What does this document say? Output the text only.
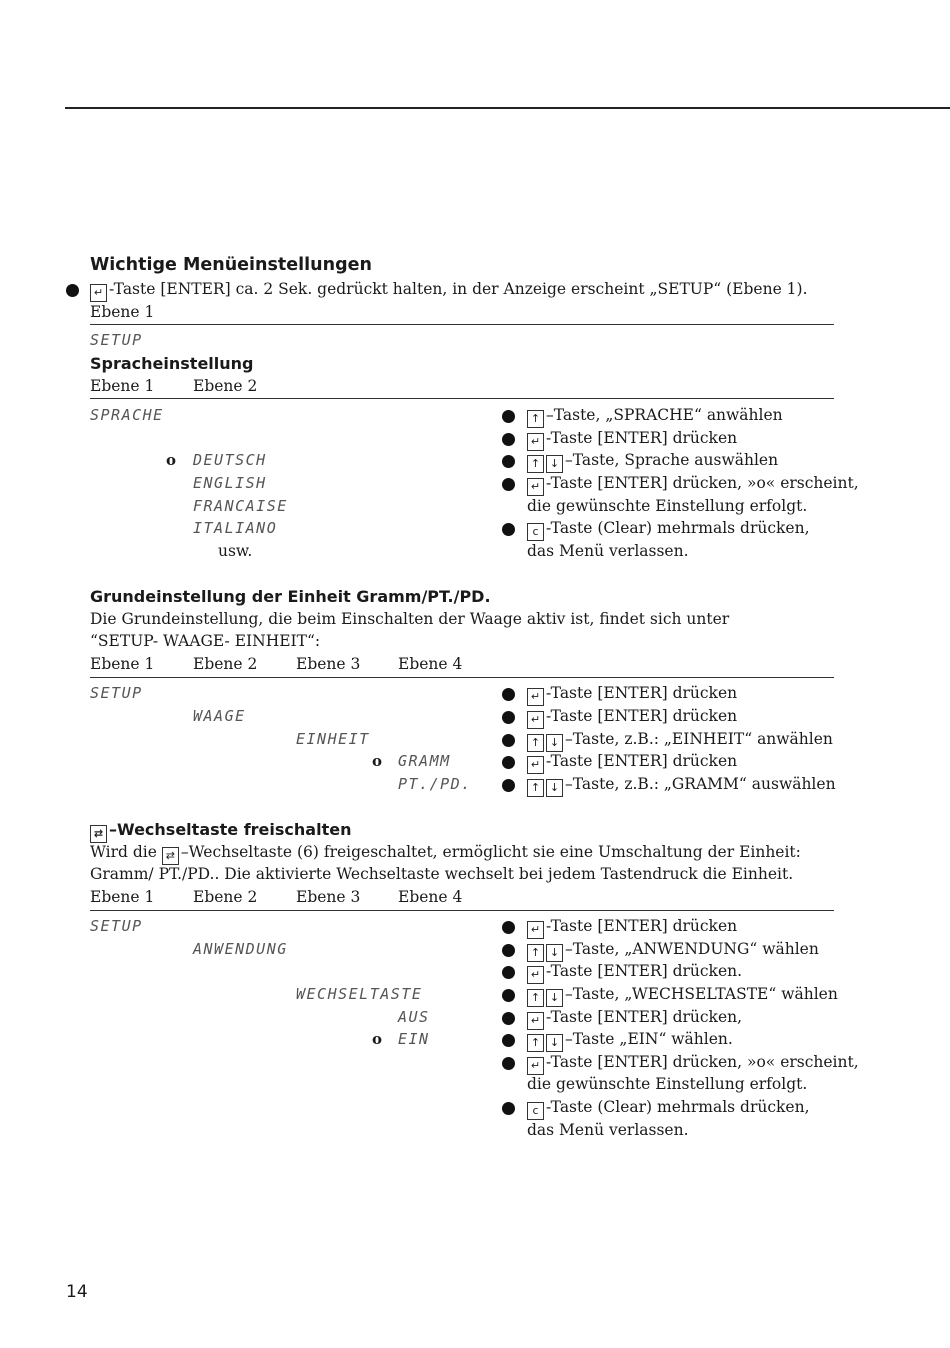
Wichtige Menüeinstellungen
↵ -Taste [ENTER] ca. 2 Sek. gedrückt halten, in der Anzeige erscheint „SETUP“ (Ebene 1).
Ebene 1
SETUP
Spracheinstellung
Ebene 1 Ebene 2
SPRACHE
o DEUTSCH
ENGLISH
FRANCAISE
ITALIANO
usw.
↑ –Taste, „SPRACHE“ anwählen
↵ -Taste [ENTER] drücken
↑ ↓ –Taste, Sprache auswählen
↵ -Taste [ENTER] drücken, »o« erscheint,
die gewünschte Einstellung erfolgt.
c -Taste (Clear) mehrmals drücken,
das Menü verlassen.
Grundeinstellung der Einheit Gramm/PT./PD.
Die Grundeinstellung, die beim Einschalten der Waage aktiv ist, findet sich unter
“SETUP- WAAGE- EINHEIT“:
Ebene 1 Ebene 2 Ebene 3 Ebene 4
SETUP
WAAGE
EINHEIT
o GRAMM
PT./PD.
↵ -Taste [ENTER] drücken
↵ -Taste [ENTER] drücken
↑ ↓ –Taste, z.B.: „EINHEIT“ anwählen
↵ -Taste [ENTER] drücken
↑ ↓ –Taste, z.B.: „GRAMM“ auswählen
⇄ –Wechseltaste freischalten
Wird die ⇄ –Wechseltaste (6) freigeschaltet, ermöglicht sie eine Umschaltung der Einheit:
Gramm/ PT./PD.. Die aktivierte Wechseltaste wechselt bei jedem Tastendruck die Einheit.
Ebene 1 Ebene 2 Ebene 3 Ebene 4
SETUP
ANWENDUNG
WECHSELTASTE
AUS
o EIN
↵ -Taste [ENTER] drücken
↑ ↓ –Taste, „ANWENDUNG“ wählen
↵ -Taste [ENTER] drücken.
↑ ↓ –Taste, „WECHSELTASTE“ wählen
↵ -Taste [ENTER] drücken,
↑ ↓ –Taste „EIN“ wählen.
↵ -Taste [ENTER] drücken, »o« erscheint,
die gewünschte Einstellung erfolgt.
c -Taste (Clear) mehrmals drücken,
das Menü verlassen.
14
